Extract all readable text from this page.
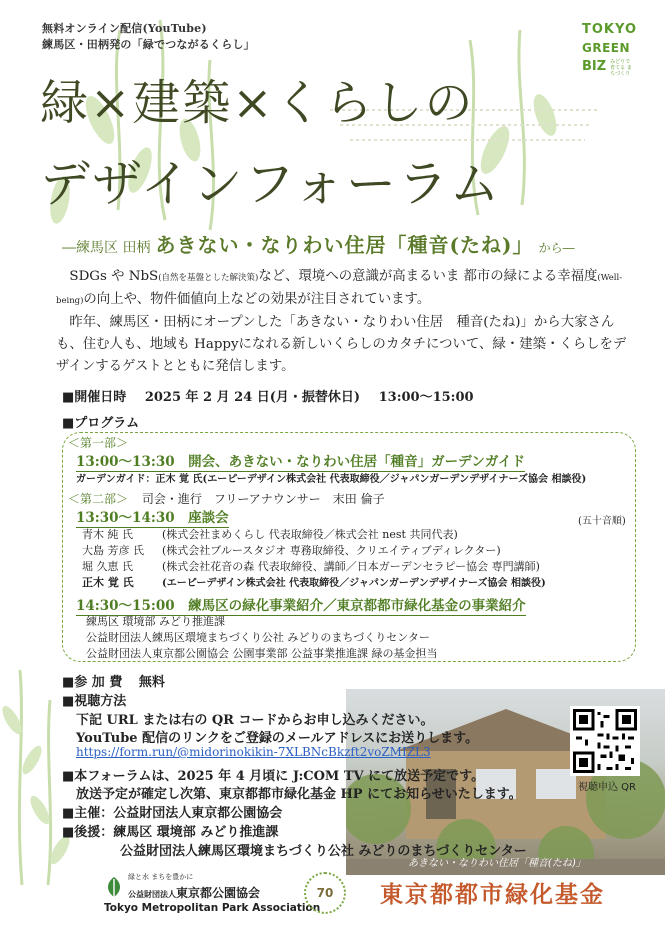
無料オンライン配信(YouTube)
練馬区・田柄発の「緑でつながるくらし」
TOKYO
GREEN
BIZ みどりで 育てる まちづくり
緑×建築×くらしの
デザインフォーラム
―練馬区 田柄 あきない・なりわい住居「種音(たね)」 から―

SDGs や NbS(自然を基盤とした解決策)など、環境への意識が高まるいま 都市の緑による幸福度(Well-being)の向上や、物件価値向上などの効果が注目されています。

昨年、練馬区・田柄にオープンした「あきない・なりわい住居　種音(たね)」から大家さんも、住む人も、地域も Happyになれる新しいくらしのカタチについて、緑・建築・くらしをデザインするゲストとともに発信します。

■開催日時 2025 年 2 月 24 日(月・振替休日) 13:00〜15:00
■プログラム
＜第一部＞
13:00〜13:30　開会、あきない・なりわい住居「種音」ガーデンガイド
ガーデンガイド：正木 覚 氏(エーピーデザイン株式会社 代表取締役／ジャパンガーデンデザイナーズ協会 相談役)
＜第二部＞ 司会・進行　フリーアナウンサー　末田 倫子
13:30〜14:30　座談会	(五十音順)
青木 純 氏	(株式会社まめくらし 代表取締役／株式会社 nest 共同代表)
大島 芳彦 氏 (株式会社ブルースタジオ 専務取締役、クリエイティブディレクター)
堀 久恵 氏	(株式会社花音の森 代表取締役、講師／日本ガーデンセラピー協会 専門講師)
正木 覚 氏	(エーピーデザイン株式会社 代表取締役／ジャパンガーデンデザイナーズ協会 相談役)
14:30〜15:00　練馬区の緑化事業紹介／東京都都市緑化基金の事業紹介
練馬区 環境部 みどり推進課
公益財団法人練馬区環境まちづくり公社 みどりのまちづくりセンター
公益財団法人東京都公園協会 公園事業部 公益事業推進課 緑の基金担当
あきない・なりわい住居「種音(たね)」
視聴申込 QR
■参 加 費 無料
■視聴方法
下記 URL または右の QR コードからお申し込みください。
YouTube 配信のリンクをご登録のメールアドレスにお送りします。
https://form.run/@midorinokikin-7XLBNcBkzft2voZMIZL3
■本フォーラムは、2025 年 4 月頃に J:COM TV にて放送予定です。
放送予定が確定し次第、東京都都市緑化基金 HP にてお知らせいたします。
■主催：公益財団法人東京都公園協会
■後援：練馬区 環境部 みどり推進課
公益財団法人練馬区環境まちづくり公社 みどりのまちづくりセンター
緑と水 まちを豊かに
公益財団法人東京都公園協会
Tokyo Metropolitan Park Association
70 東京都都市緑化基金
